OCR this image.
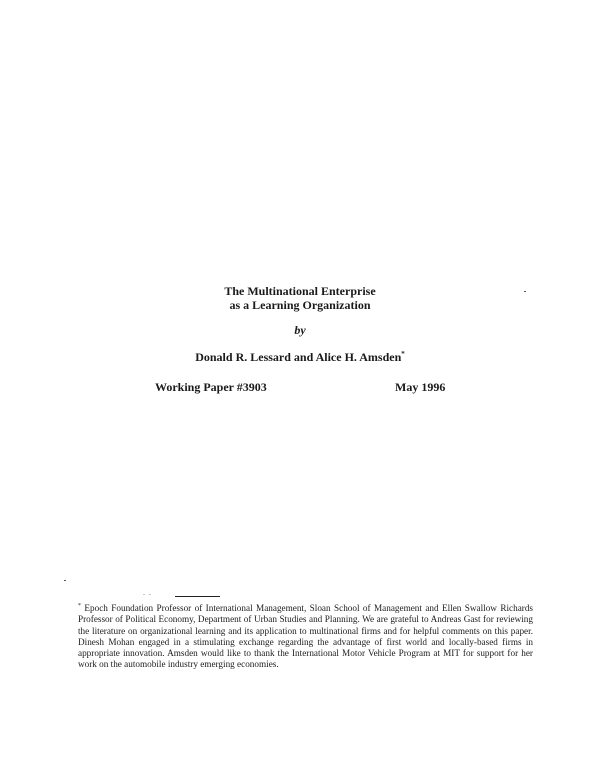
The Multinational Enterprise
as a Learning Organization
by
Donald R. Lessard and Alice H. Amsden*
Working Paper #3903	May 1996
- -
* Epoch Foundation Professor of International Management, Sloan School of Management and Ellen Swallow Richards Professor of Political Economy, Department of Urban Studies and Planning. We are grateful to Andreas Gast for reviewing the literature on organizational learning and its application to multinational firms and for helpful comments on this paper. Dinesh Mohan engaged in a stimulating exchange regarding the advantage of first world and locally-based firms in appropriate innovation. Amsden would like to thank the International Motor Vehicle Program at MIT for support for her work on the automobile industry emerging economies.
